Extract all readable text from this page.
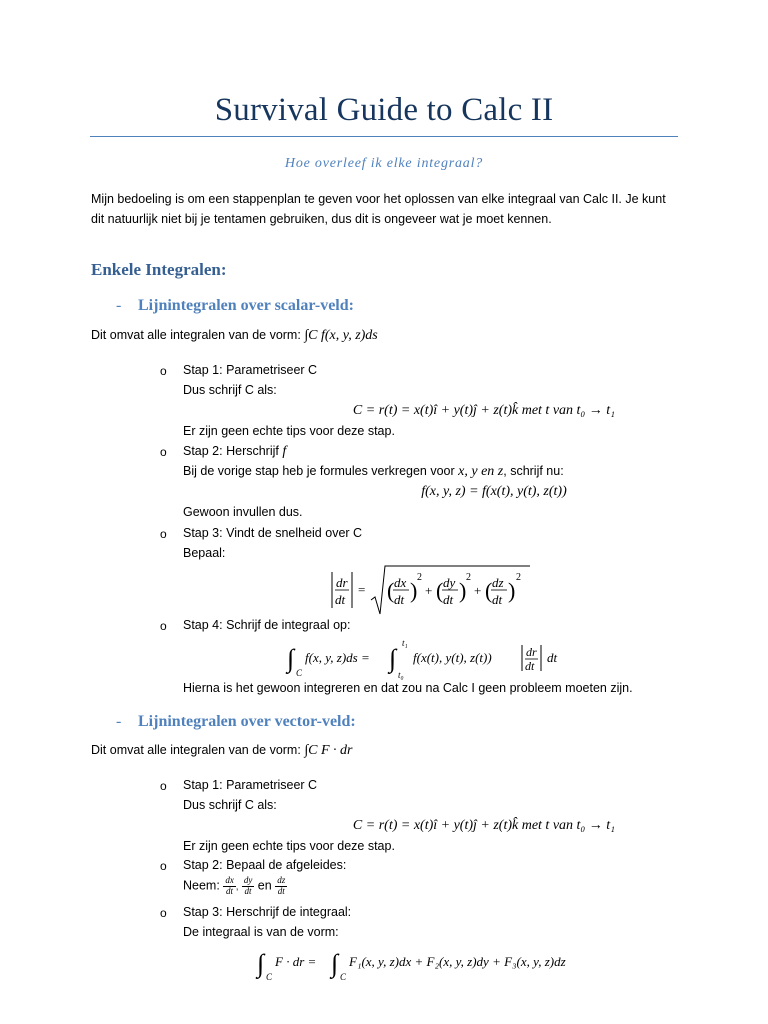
Survival Guide to Calc II
Hoe overleef ik elke integraal?
Mijn bedoeling is om een stappenplan te geven voor het oplossen van elke integraal van Calc II. Je kunt dit natuurlijk niet bij je tentamen gebruiken, dus dit is ongeveer wat je moet kennen.
Enkele Integralen:
- Lijnintegralen over scalar-veld:
Dit omvat alle integralen van de vorm: ∫C f(x, y, z)ds
o Stap 1: Parametriseer C
Dus schrijf C als:
C = r(t) = x(t)î + y(t)ĵ + z(t)k̂ met t van t₀ → t₁
Er zijn geen echte tips voor deze stap.
o Stap 2: Herschrijf f
Bij de vorige stap heb je formules verkregen voor x, y en z, schrijf nu:
f(x, y, z) = f(x(t), y(t), z(t))
Gewoon invullen dus.
o Stap 3: Vindt de snelheid over C
Bepaal:
dr
dt
= ( dx
dt )
2
+ ( dy
dt )
2
+ ( dz
dt )
2
o Stap 4: Schrijf de integraal op:
∫ C
f(x, y, z)ds = ∫
t₁
t₀
f(x(t), y(t), z(t))	dr
dt
dt
Hierna is het gewoon integreren en dat zou na Calc I geen probleem moeten zijn.
- Lijnintegralen over vector-veld:
Dit omvat alle integralen van de vorm: ∫C F · dr
o Stap 1: Parametriseer C
Dus schrijf C als:
C = r(t) = x(t)î + y(t)ĵ + z(t)k̂ met t van t₀ → t₁
Er zijn geen echte tips voor deze stap.
o Stap 2: Bepaal de afgeleides:
Neem: $\frac{dx}{dt}$ , $\frac{dy}{dt}$ en $\frac{dz}{dt}$
o Stap 3: Herschrijf de integraal:
De integraal is van de vorm:
∫ C
F · dr = ∫ C
F₁(x, y, z)dx + F₂(x, y, z)dy + F₃(x, y, z)dz
